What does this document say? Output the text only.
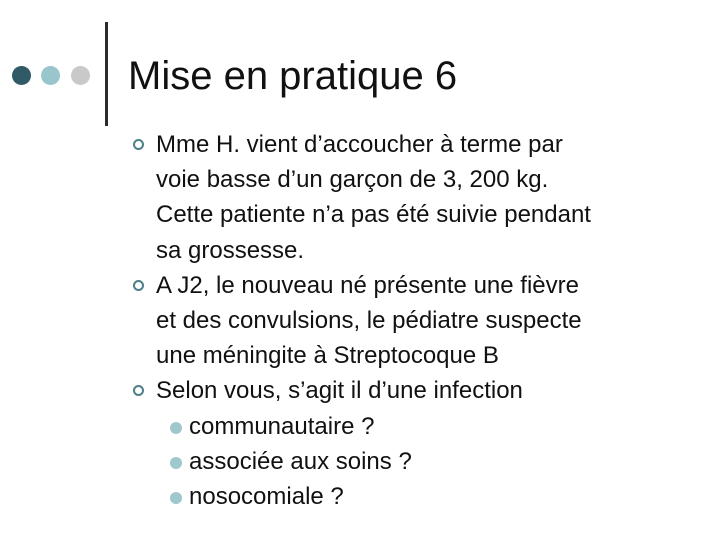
Mise en pratique 6
Mme H. vient d’accoucher à terme par
voie basse d’un garçon de 3, 200 kg.
Cette patiente n’a pas été suivie pendant
sa grossesse.
A J2, le nouveau né présente une fièvre
et des convulsions, le pédiatre suspecte
une méningite à Streptocoque B
Selon vous, s’agit il d’une infection
communautaire ?
associée aux soins ?
nosocomiale ?
